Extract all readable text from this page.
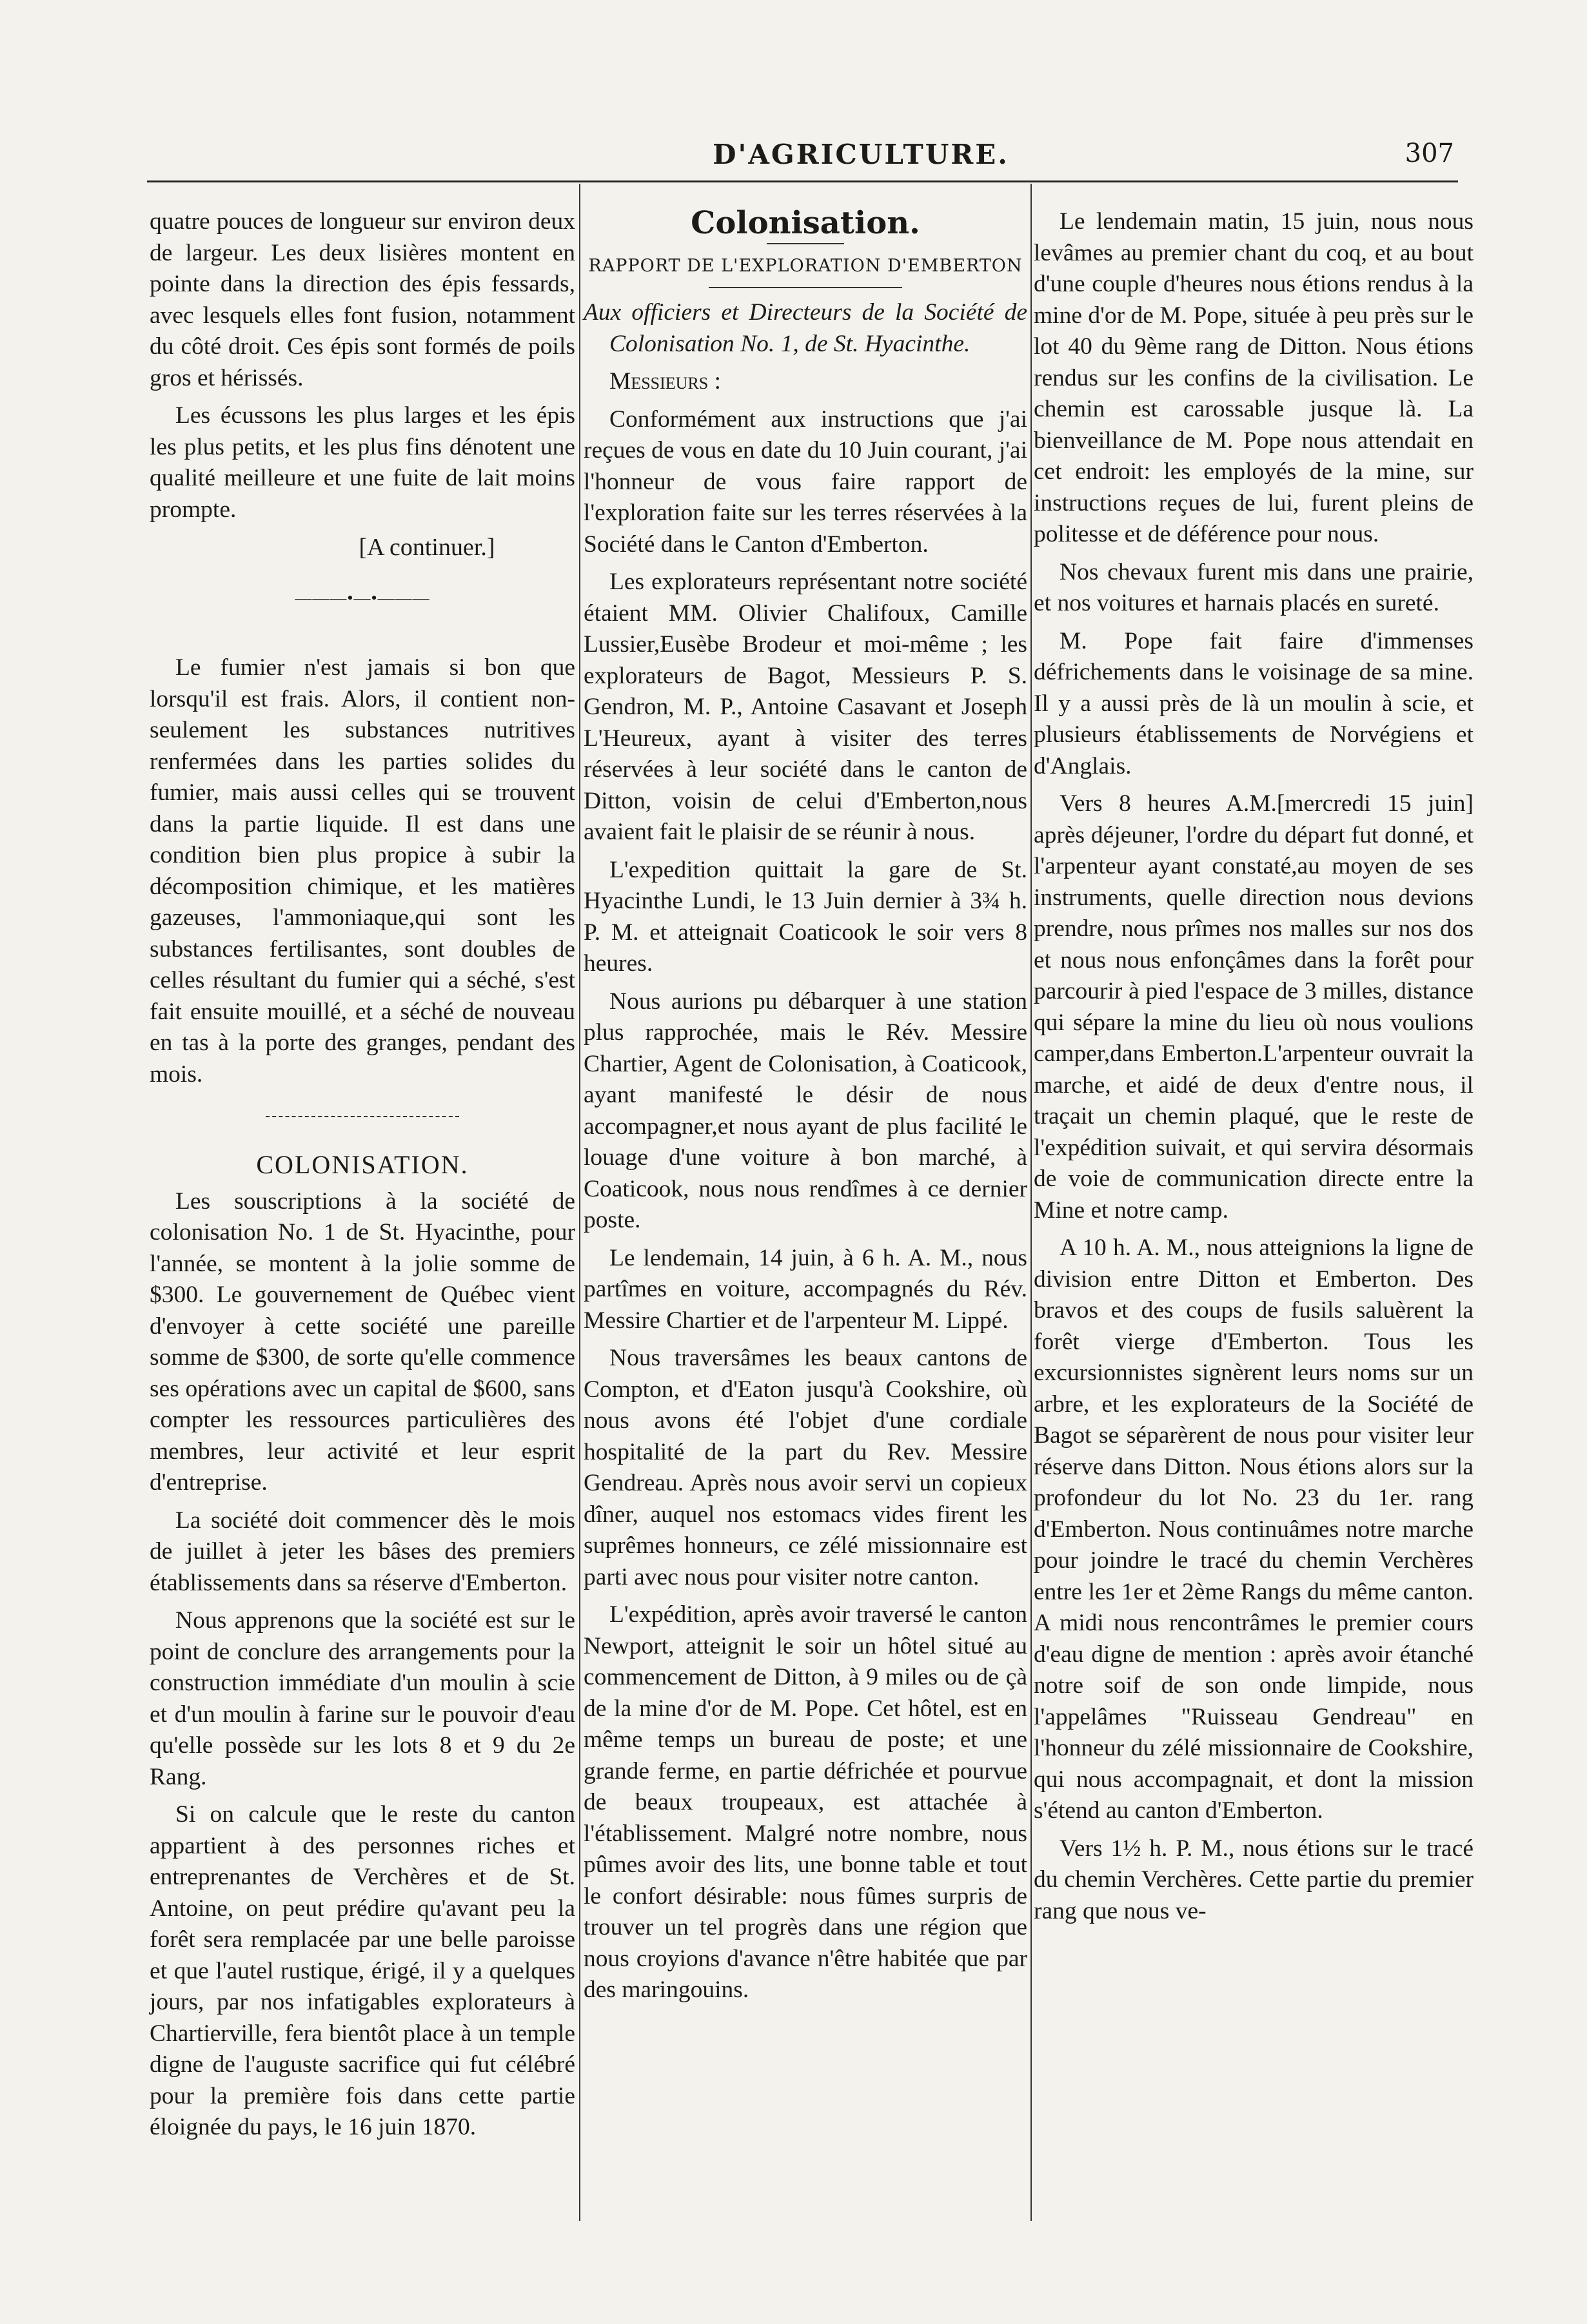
D'AGRICULTURE.	307

quatre pouces de longueur sur environ deux de largeur. Les deux lisières montent en pointe dans la direction des épis fessards, avec lesquels elles font fusion, notamment du côté droit. Ces épis sont formés de poils gros et hérissés.

Les écussons les plus larges et les épis les plus petits, et les plus fins dénotent une qualité meilleure et une fuite de lait moins prompte.

[A continuer.]
———•—•———

Le fumier n'est jamais si bon que lorsqu'il est frais. Alors, il contient non-seulement les substances nutritives renfermées dans les parties solides du fumier, mais aussi celles qui se trouvent dans la partie liquide. Il est dans une condition bien plus propice à subir la décomposition chimique, et les matières gazeuses, l'ammoniaque,qui sont les substances fertilisantes, sont doubles de celles résultant du fumier qui a séché, s'est fait ensuite mouillé, et a séché de nouveau en tas à la porte des granges, pendant des mois.

COLONISATION.

Les souscriptions à la société de colonisation No. 1 de St. Hyacinthe, pour l'année, se montent à la jolie somme de $300. Le gouvernement de Québec vient d'envoyer à cette société une pareille somme de $300, de sorte qu'elle commence ses opérations avec un capital de $600, sans compter les ressources particulières des membres, leur activité et leur esprit d'entreprise.

La société doit commencer dès le mois de juillet à jeter les bâses des premiers établissements dans sa réserve d'Emberton.

Nous apprenons que la société est sur le point de conclure des arrangements pour la construction immédiate d'un moulin à scie et d'un moulin à farine sur le pouvoir d'eau qu'elle possède sur les lots 8 et 9 du 2e Rang.

Si on calcule que le reste du canton appartient à des personnes riches et entreprenantes de Verchères et de St. Antoine, on peut prédire qu'avant peu la forêt sera remplacée par une belle paroisse et que l'autel rustique, érigé, il y a quelques jours, par nos infatigables explorateurs à Chartierville, fera bientôt place à un temple digne de l'auguste sacrifice qui fut célébré pour la première fois dans cette partie éloignée du pays, le 16 juin 1870.

Colonisation.
RAPPORT DE L'EXPLORATION D'EMBERTON

Aux officiers et Directeurs de la Société de Colonisation No. 1, de St. Hyacinthe.

Messieurs :

Conformément aux instructions que j'ai reçues de vous en date du 10 Juin courant, j'ai l'honneur de vous faire rapport de l'exploration faite sur les terres réservées à la Société dans le Canton d'Emberton.

Les explorateurs représentant notre société étaient MM. Olivier Chalifoux, Camille Lussier,Eusèbe Brodeur et moi-même ; les explorateurs de Bagot, Messieurs P. S. Gendron, M. P., Antoine Casavant et Joseph L'Heureux, ayant à visiter des terres réservées à leur société dans le canton de Ditton, voisin de celui d'Emberton,nous avaient fait le plaisir de se réunir à nous.

L'expedition quittait la gare de St. Hyacinthe Lundi, le 13 Juin dernier à 3¾ h. P. M. et atteignait Coaticook le soir vers 8 heures.

Nous aurions pu débarquer à une station plus rapprochée, mais le Rév. Messire Chartier, Agent de Colonisation, à Coaticook, ayant manifesté le désir de nous accompagner,et nous ayant de plus facilité le louage d'une voiture à bon marché, à Coaticook, nous nous rendîmes à ce dernier poste.

Le lendemain, 14 juin, à 6 h. A. M., nous partîmes en voiture, accompagnés du Rév. Messire Chartier et de l'arpenteur M. Lippé.

Nous traversâmes les beaux cantons de Compton, et d'Eaton jusqu'à Cookshire, où nous avons été l'objet d'une cordiale hospitalité de la part du Rev. Messire Gendreau. Après nous avoir servi un copieux dîner, auquel nos estomacs vides firent les suprêmes honneurs, ce zélé missionnaire est parti avec nous pour visiter notre canton.

L'expédition, après avoir traversé le canton Newport, atteignit le soir un hôtel situé au commencement de Ditton, à 9 miles ou de çà de la mine d'or de M. Pope. Cet hôtel, est en même temps un bureau de poste; et une grande ferme, en partie défrichée et pourvue de beaux troupeaux, est attachée à l'établissement. Malgré notre nombre, nous pûmes avoir des lits, une bonne table et tout le confort désirable: nous fûmes surpris de trouver un tel progrès dans une région que nous croyions d'avance n'être habitée que par des maringouins.

Le lendemain matin, 15 juin, nous nous levâmes au premier chant du coq, et au bout d'une couple d'heures nous étions rendus à la mine d'or de M. Pope, située à peu près sur le lot 40 du 9ème rang de Ditton. Nous étions rendus sur les confins de la civilisation. Le chemin est carossable jusque là. La bienveillance de M. Pope nous attendait en cet endroit: les employés de la mine, sur instructions reçues de lui, furent pleins de politesse et de déférence pour nous.

Nos chevaux furent mis dans une prairie, et nos voitures et harnais placés en sureté.

M. Pope fait faire d'immenses défrichements dans le voisinage de sa mine. Il y a aussi près de là un moulin à scie, et plusieurs établissements de Norvégiens et d'Anglais.

Vers 8 heures A.M.[mercredi 15 juin] après déjeuner, l'ordre du départ fut donné, et l'arpenteur ayant constaté,au moyen de ses instruments, quelle direction nous devions prendre, nous prîmes nos malles sur nos dos et nous nous enfonçâmes dans la forêt pour parcourir à pied l'espace de 3 milles, distance qui sépare la mine du lieu où nous voulions camper,dans Emberton.L'arpenteur ouvrait la marche, et aidé de deux d'entre nous, il traçait un chemin plaqué, que le reste de l'expédition suivait, et qui servira désormais de voie de communication directe entre la Mine et notre camp.

A 10 h. A. M., nous atteignions la ligne de division entre Ditton et Emberton. Des bravos et des coups de fusils saluèrent la forêt vierge d'Emberton. Tous les excursionnistes signèrent leurs noms sur un arbre, et les explorateurs de la Société de Bagot se séparèrent de nous pour visiter leur réserve dans Ditton. Nous étions alors sur la profondeur du lot No. 23 du 1er. rang d'Emberton. Nous continuâmes notre marche pour joindre le tracé du chemin Verchères entre les 1er et 2ème Rangs du même canton. A midi nous rencontrâmes le premier cours d'eau digne de mention : après avoir étanché notre soif de son onde limpide, nous l'appelâmes "Ruisseau Gendreau" en l'honneur du zélé missionnaire de Cookshire, qui nous accompagnait, et dont la mission s'étend au canton d'Emberton.

Vers 1½ h. P. M., nous étions sur le tracé du chemin Verchères. Cette partie du premier rang que nous ve-
